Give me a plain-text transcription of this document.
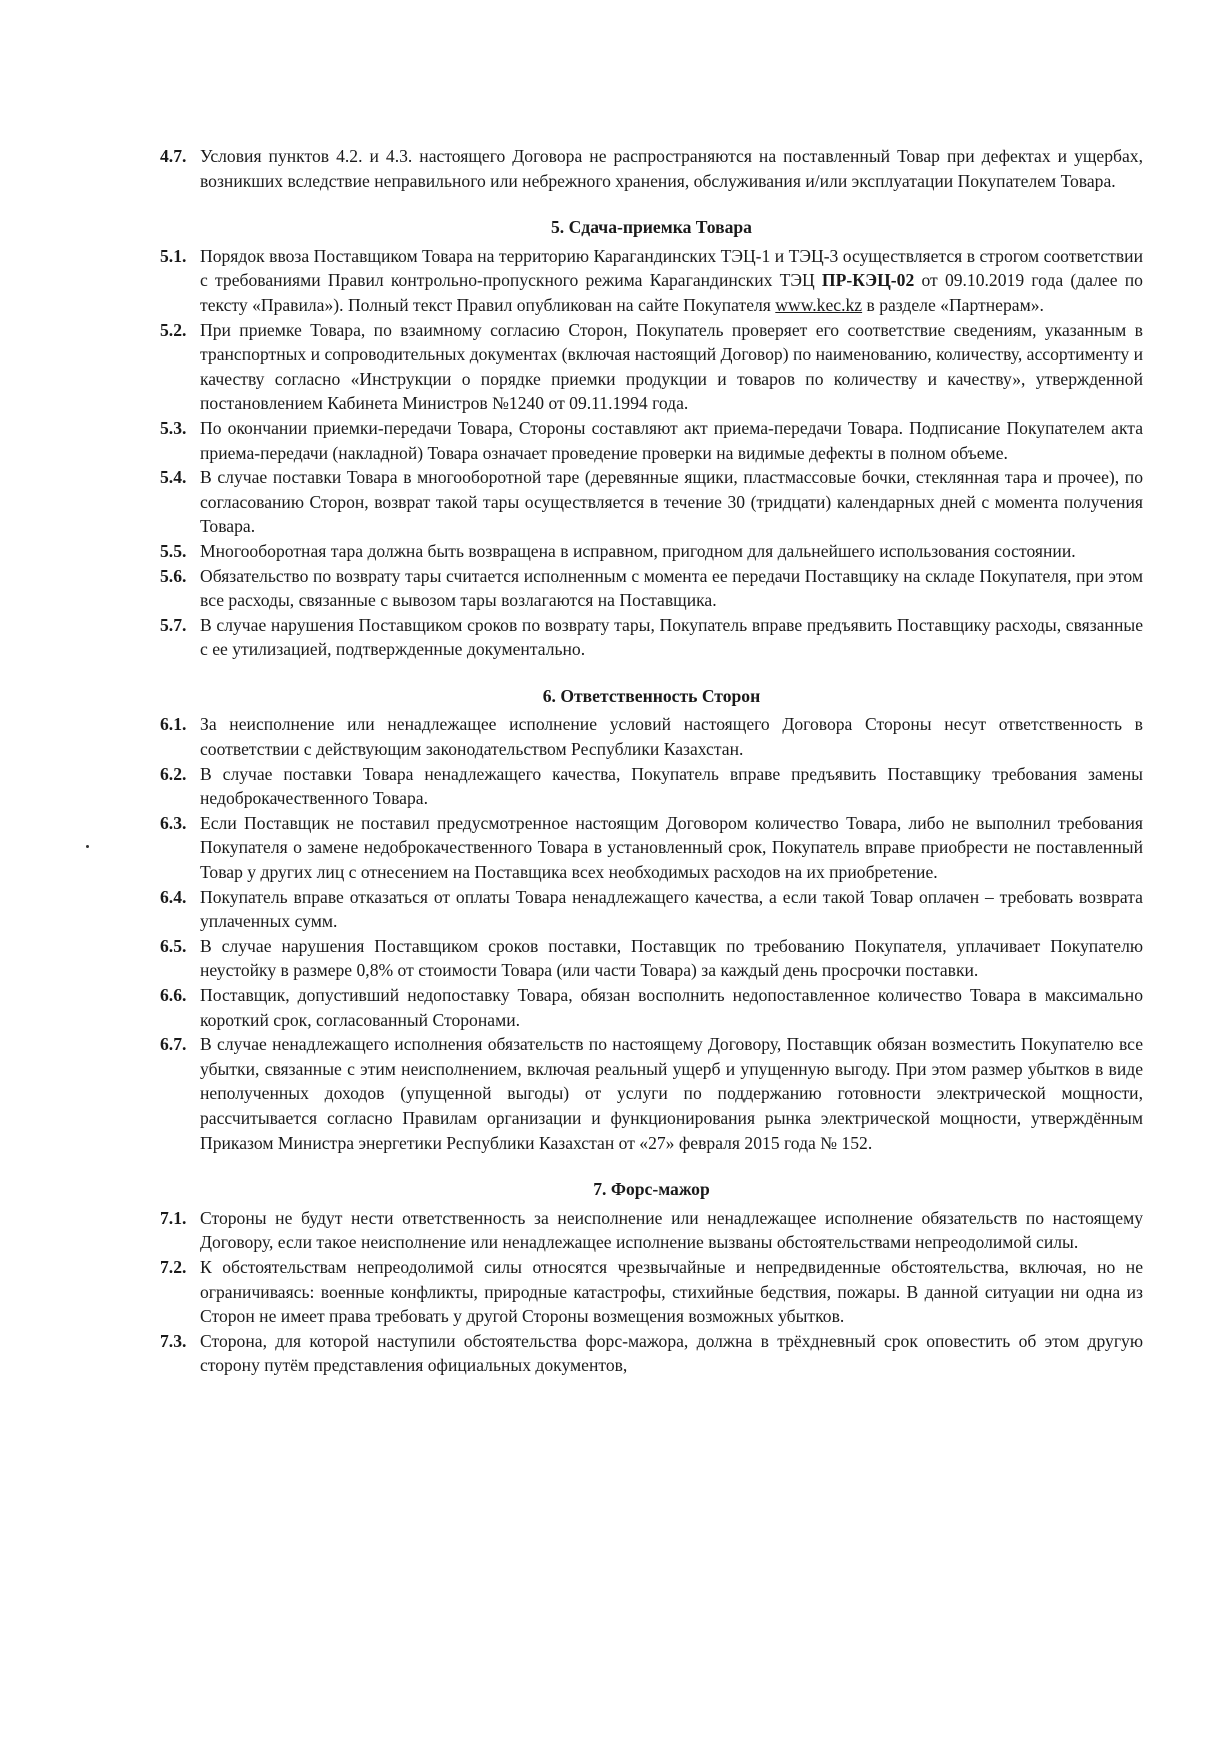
4.7. Условия пунктов 4.2. и 4.3. настоящего Договора не распространяются на поставленный Товар при дефектах и ущербах, возникших вследствие неправильного или небрежного хранения, обслуживания и/или эксплуатации Покупателем Товара.
5. Сдача-приемка Товара
5.1. Порядок ввоза Поставщиком Товара на территорию Карагандинских ТЭЦ-1 и ТЭЦ-3 осуществляется в строгом соответствии с требованиями Правил контрольно-пропускного режима Карагандинских ТЭЦ ПР-КЭЦ-02 от 09.10.2019 года (далее по тексту «Правила»). Полный текст Правил опубликован на сайте Покупателя www.kec.kz в разделе «Партнерам».
5.2. При приемке Товара, по взаимному согласию Сторон, Покупатель проверяет его соответствие сведениям, указанным в транспортных и сопроводительных документах (включая настоящий Договор) по наименованию, количеству, ассортименту и качеству согласно «Инструкции о порядке приемки продукции и товаров по количеству и качеству», утвержденной постановлением Кабинета Министров №1240 от 09.11.1994 года.
5.3. По окончании приемки-передачи Товара, Стороны составляют акт приема-передачи Товара. Подписание Покупателем акта приема-передачи (накладной) Товара означает проведение проверки на видимые дефекты в полном объеме.
5.4. В случае поставки Товара в многооборотной таре (деревянные ящики, пластмассовые бочки, стеклянная тара и прочее), по согласованию Сторон, возврат такой тары осуществляется в течение 30 (тридцати) календарных дней с момента получения Товара.
5.5. Многооборотная тара должна быть возвращена в исправном, пригодном для дальнейшего использования состоянии.
5.6. Обязательство по возврату тары считается исполненным с момента ее передачи Поставщику на складе Покупателя, при этом все расходы, связанные с вывозом тары возлагаются на Поставщика.
5.7. В случае нарушения Поставщиком сроков по возврату тары, Покупатель вправе предъявить Поставщику расходы, связанные с ее утилизацией, подтвержденные документально.
6. Ответственность Сторон
6.1. За неисполнение или ненадлежащее исполнение условий настоящего Договора Стороны несут ответственность в соответствии с действующим законодательством Республики Казахстан.
6.2. В случае поставки Товара ненадлежащего качества, Покупатель вправе предъявить Поставщику требования замены недоброкачественного Товара.
6.3. Если Поставщик не поставил предусмотренное настоящим Договором количество Товара, либо не выполнил требования Покупателя о замене недоброкачественного Товара в установленный срок, Покупатель вправе приобрести не поставленный Товар у других лиц с отнесением на Поставщика всех необходимых расходов на их приобретение.
6.4. Покупатель вправе отказаться от оплаты Товара ненадлежащего качества, а если такой Товар оплачен – требовать возврата уплаченных сумм.
6.5. В случае нарушения Поставщиком сроков поставки, Поставщик по требованию Покупателя, уплачивает Покупателю неустойку в размере 0,8% от стоимости Товара (или части Товара) за каждый день просрочки поставки.
6.6. Поставщик, допустивший недопоставку Товара, обязан восполнить недопоставленное количество Товара в максимально короткий срок, согласованный Сторонами.
6.7. В случае ненадлежащего исполнения обязательств по настоящему Договору, Поставщик обязан возместить Покупателю все убытки, связанные с этим неисполнением, включая реальный ущерб и упущенную выгоду. При этом размер убытков в виде неполученных доходов (упущенной выгоды) от услуги по поддержанию готовности электрической мощности, рассчитывается согласно Правилам организации и функционирования рынка электрической мощности, утверждённым Приказом Министра энергетики Республики Казахстан от «27» февраля 2015 года № 152.
7. Форс-мажор
7.1. Стороны не будут нести ответственность за неисполнение или ненадлежащее исполнение обязательств по настоящему Договору, если такое неисполнение или ненадлежащее исполнение вызваны обстоятельствами непреодолимой силы.
7.2. К обстоятельствам непреодолимой силы относятся чрезвычайные и непредвиденные обстоятельства, включая, но не ограничиваясь: военные конфликты, природные катастрофы, стихийные бедствия, пожары. В данной ситуации ни одна из Сторон не имеет права требовать у другой Стороны возмещения возможных убытков.
7.3. Сторона, для которой наступили обстоятельства форс-мажора, должна в трёхдневный срок оповестить об этом другую сторону путём представления официальных документов,
